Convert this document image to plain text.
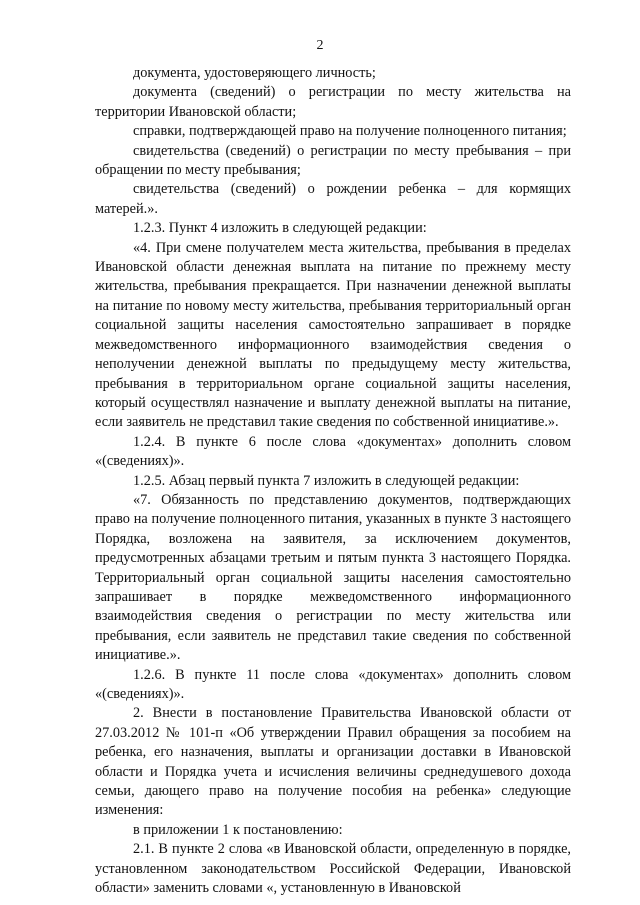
2

документа, удостоверяющего личность;

документа (сведений) о регистрации по месту жительства на территории Ивановской области;

справки, подтверждающей право на получение полноценного питания;

свидетельства (сведений) о регистрации по месту пребывания – при обращении по месту пребывания;

свидетельства (сведений) о рождении ребенка – для кормящих матерей.».

1.2.3. Пункт 4 изложить в следующей редакции:

«4. При смене получателем места жительства, пребывания в пределах Ивановской области денежная выплата на питание по прежнему месту жительства, пребывания прекращается. При назначении денежной выплаты на питание по новому месту жительства, пребывания территориальный орган социальной защиты населения самостоятельно запрашивает в порядке межведомственного информационного взаимодействия сведения о неполучении денежной выплаты по предыдущему месту жительства, пребывания в территориальном органе социальной защиты населения, который осуществлял назначение и выплату денежной выплаты на питание, если заявитель не представил такие сведения по собственной инициативе.».

1.2.4. В пункте 6 после слова «документах» дополнить словом «(сведениях)».

1.2.5. Абзац первый пункта 7 изложить в следующей редакции:

«7. Обязанность по представлению документов, подтверждающих право на получение полноценного питания, указанных в пункте 3 настоящего Порядка, возложена на заявителя, за исключением документов, предусмотренных абзацами третьим и пятым пункта 3 настоящего Порядка. Территориальный орган социальной защиты населения самостоятельно запрашивает в порядке межведомственного информационного взаимодействия сведения о регистрации по месту жительства или пребывания, если заявитель не представил такие сведения по собственной инициативе.».

1.2.6. В пункте 11 после слова «документах» дополнить словом «(сведениях)».

2. Внести в постановление Правительства Ивановской области от 27.03.2012 № 101-п «Об утверждении Правил обращения за пособием на ребенка, его назначения, выплаты и организации доставки в Ивановской области и Порядка учета и исчисления величины среднедушевого дохода семьи, дающего право на получение пособия на ребенка» следующие изменения:

в приложении 1 к постановлению:

2.1. В пункте 2 слова «в Ивановской области, определенную в порядке, установленном законодательством Российской Федерации, Ивановской области» заменить словами «, установленную в Ивановской
